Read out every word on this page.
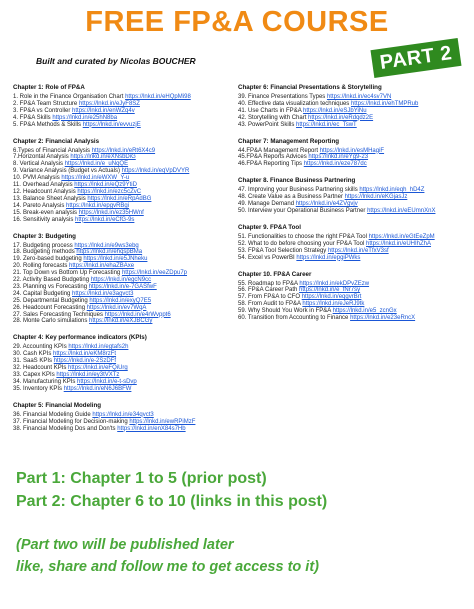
FREE FP&A COURSE
Built and curated by Nicolas BOUCHER	PART 2
Chapter 1: Role of FP&A
1. Role in the Finance Organisation Chart https://lnkd.in/eHQpMi98
2. FP&A Team Structure https://lnkd.in/eJyF8SZ
3. FP&A vs Controller https://lnkd.in/enWZq4v
4. FP&A Skills https://lnkd.in/e25hN8ba
5. FP&A Methods & Skills https://lnkd.in/evvuzjE
Chapter 2: Financial Analysis
6.Types of Financial Analysis https://lnkd.in/eRt6X4c9
7.Horizontal Analysis https://lnkd.in/eXNsbDiG
8. Vertical Analysis https://lnkd.in/e_uNqQE
9. Variance Analysis (Budget vs Actuals) https://lnkd.in/eqVpDVYR
10. PVM Analysis https://lnkd.in/eWXW_Y-u
11. Overhead Analysis https://lnkd.in/eQz9YtiD
12. Headcount Analysis https://lnkd.in/ezc5cZvC
13. Balance Sheet Analysis https://lnkd.in/eRpAdBG
14. Pareto Analysis https://lnkd.in/epgvRBgi
15. Break-even analysis https://lnkd.in/ez35HWnf
16. Sensitivity analysis https://lnkd.in/eCfG-9s
Chapter 3: Budgeting
17. Budgeting process https://lnkd.in/e9ws3ebg
18. Budgeting methods https://lnkd.in/ehqspBMa
19. Zero-based budgeting https://lnkd.in/e5JNheku
20. Rolling forecasts https://lnkd.in/ehaZBAxe
21. Top Down vs Bottom Up Forecasting https://lnkd.in/eeZDpu7p
22. Activity Based Budgeting https://lnkd.in/egcN9cc
23. Planning vs Forecasting https://lnkd.in/e-7GASfwF
24. Capital Budgeting https://lnkd.in/e3agvct3
25. Departmental Budgeting https://lnkd.in/exyQ7E5
26. Headcount Forecasting https://lnkd.in/ev7WqA
27. Sales Forecasting Techniques https://lnkd.in/e4rWvppt6
28. Monte Carlo simulations https://lnkd.in/eXJBCGy
Chapter 4: Key performance indicators (KPIs)
29. Accounting KPIs https://lnkd.in/egtafs2h
30. Cash KPIs https://lnkd.in/eKM8rzFt
31. SaaS KPIs https://lnkd.in/e-2SzDFf
32. Headcount KPIs https://lnkd.in/eFQiUrg
33. Capex KPIs https://lnkd.in/ey3tVXTz
34. Manufacturing KPIs https://lnkd.in/e-t-sDvp
35. Inventory KPIs https://lnkd.in/eN6J6BFW
Chapter 5: Financial Modeling
36. Financial Modeling Guide https://lnkd.in/e34qvct3
37. Financial Modeling for Decision-making https://lnkd.in/ewRPiMzF
38. Financial Modeling Dos and Don'ts https://lnkd.in/enX84s7Hb
Chapter 6: Financial Presentations & Storytelling
39. Finance Presentations Types https://lnkd.in/ec4sv7VN
40. Effective data visualization techniques https://lnkd.in/ehTMPRub
41. Use Charts in FP&A https://lnkd.in/eSJbYiNu
42. Storytelling with Chart https://lnkd.in/eRdqdz2E
43. PowerPoint Skills https://lnkd.in/ec_TswT
Chapter 7: Management Reporting
44.FP&A Management Report https://lnkd.in/esMHagiF
45.FP&A Reports Advices https://lnkd.in/eYg9-23
46.FP&A Reporting Tips https://lnkd.in/eze787dc
Chapter 8. Finance Business Partnering
47. Improving your Business Partnering skills https://lnkd.in/eqh_hD4Z
48. Create Value as a Business Partner https://lnkd.in/eKGjasJz
49. Manage Demand https://lnkd.in/e4ZVgvjv
50. Interview your Operational Business Partner https://lnkd.in/eEUmnXnX
Chapter 9. FP&A Tool
51. Functionalities to choose the right FP&A Tool https://lnkd.in/eGtEeZpM
52. What to do before choosing your FP&A Tool https://lnkd.in/eUHIhZhA
53. FP&A Tool Selection Strategy https://lnkd.in/eTfxV3sf
54. Excel vs PowerBI https://lnkd.in/epgiPWks
Chapter 10. FP&A Career
55. Roadmap to FP&A https://lnkd.in/ekDPvZEzw
56. FP&A Career Path https://lnkd.in/e_fNr7sy
57. From FP&A to CFO https://lnkd.in/eqgvrBrt
58. From Audit to FP&A https://lnkd.in/eJeRJ9tk
59. Why Should You Work in FP&A https://lnkd.in/e5_zcnGx
60. Transition from Accounting to Finance https://lnkd.in/e23eRncX
Part 1: Chapter 1 to 5 (prior post)
Part 2: Chapter 6 to 10 (links in this post)
(Part two will be published later
like, share and follow me to get access to it)
